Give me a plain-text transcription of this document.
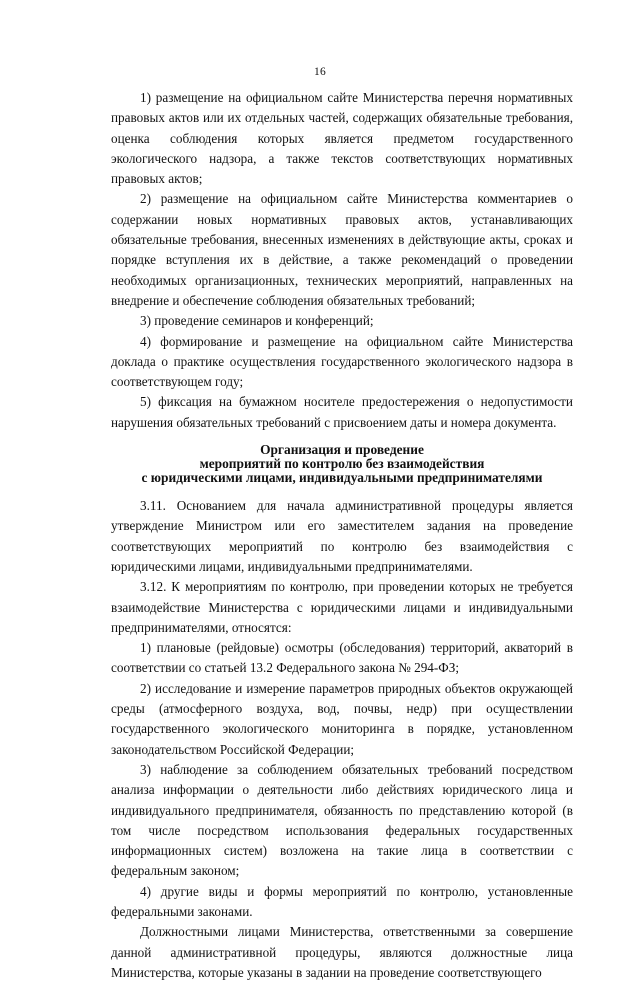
16

1) размещение на официальном сайте Министерства перечня нормативных правовых актов или их отдельных частей, содержащих обязательные требования, оценка соблюдения которых является предметом государственного экологического надзора, а также текстов соответствующих нормативных правовых актов;

2) размещение на официальном сайте Министерства комментариев о содержании новых нормативных правовых актов, устанавливающих обязательные требования, внесенных изменениях в действующие акты, сроках и порядке вступления их в действие, а также рекомендаций о проведении необходимых организационных, технических мероприятий, направленных на внедрение и обеспечение соблюдения обязательных требований;

3) проведение семинаров и конференций;

4) формирование и размещение на официальном сайте Министерства доклада о практике осуществления государственного экологического надзора в соответствующем году;

5) фиксация на бумажном носителе предостережения о недопустимости нарушения обязательных требований с присвоением даты и номера документа.

Организация и проведение
мероприятий по контролю без взаимодействия
с юридическими лицами, индивидуальными предпринимателями

3.11. Основанием для начала административной процедуры является утверждение Министром или его заместителем задания на проведение соответствующих мероприятий по контролю без взаимодействия с юридическими лицами, индивидуальными предпринимателями.

3.12. К мероприятиям по контролю, при проведении которых не требуется взаимодействие Министерства с юридическими лицами и индивидуальными предпринимателями, относятся:

1) плановые (рейдовые) осмотры (обследования) территорий, акваторий в соответствии со статьей 13.2 Федерального закона № 294-ФЗ;

2) исследование и измерение параметров природных объектов окружающей среды (атмосферного воздуха, вод, почвы, недр) при осуществлении государственного экологического мониторинга в порядке, установленном законодательством Российской Федерации;

3) наблюдение за соблюдением обязательных требований посредством анализа информации о деятельности либо действиях юридического лица и индивидуального предпринимателя, обязанность по представлению которой (в том числе посредством использования федеральных государственных информационных систем) возложена на такие лица в соответствии с федеральным законом;

4) другие виды и формы мероприятий по контролю, установленные федеральными законами.

Должностными лицами Министерства, ответственными за совершение данной административной процедуры, являются должностные лица Министерства, которые указаны в задании на проведение соответствующего
